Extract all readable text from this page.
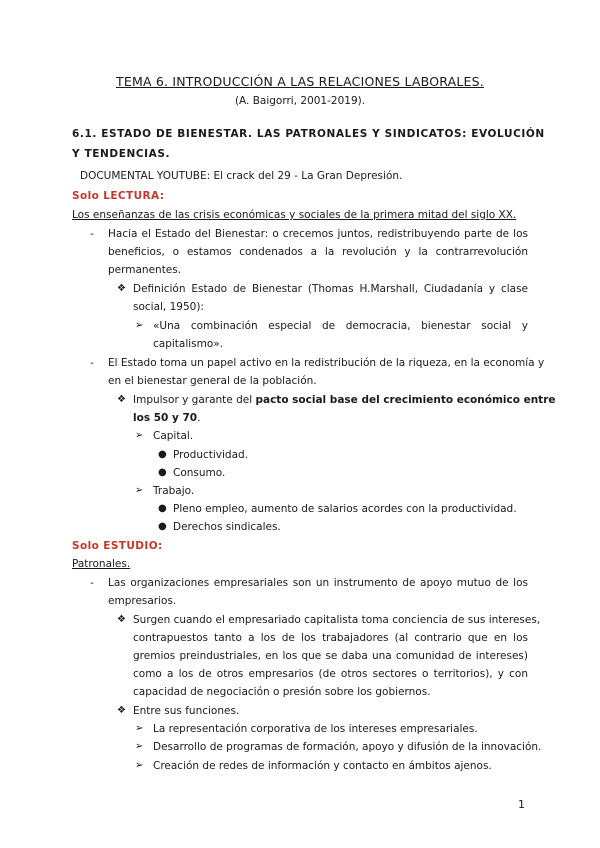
TEMA 6. INTRODUCCIÓN A LAS RELACIONES LABORALES.
(A. Baigorri, 2001-2019).
6.1. ESTADO DE BIENESTAR. LAS PATRONALES Y SINDICATOS: EVOLUCIÓN
Y TENDENCIAS.
DOCUMENTAL YOUTUBE: El crack del 29 - La Gran Depresión.
Solo LECTURA:
Los enseñanzas de las crisis económicas y sociales de la primera mitad del siglo XX.
- Hacia el Estado del Bienestar: o crecemos juntos, redistribuyendo parte de los
beneficios, o estamos condenados a la revolución y la contrarrevolución
permanentes.
❖ Definición Estado de Bienestar (Thomas H.Marshall, Ciudadanía y clase
social, 1950):
➢ «Una combinación especial de democracia, bienestar social y
capitalismo».
- El Estado toma un papel activo en la redistribución de la riqueza, en la economía y
en el bienestar general de la población.
❖ Impulsor y garante del pacto social base del crecimiento económico entre
los 50 y 70.
➢ Capital.
● Productividad.
● Consumo.
➢ Trabajo.
● Pleno empleo, aumento de salarios acordes con la productividad.
● Derechos sindicales.
Solo ESTUDIO:
Patronales.
- Las organizaciones empresariales son un instrumento de apoyo mutuo de los
empresarios.
❖ Surgen cuando el empresariado capitalista toma conciencia de sus intereses,
contrapuestos tanto a los de los trabajadores (al contrario que en los
gremios preindustriales, en los que se daba una comunidad de intereses)
como a los de otros empresarios (de otros sectores o territorios), y con
capacidad de negociación o presión sobre los gobiernos.
❖ Entre sus funciones.
➢ La representación corporativa de los intereses empresariales.
➢ Desarrollo de programas de formación, apoyo y difusión de la innovación.
➢ Creación de redes de información y contacto en ámbitos ajenos.
1
